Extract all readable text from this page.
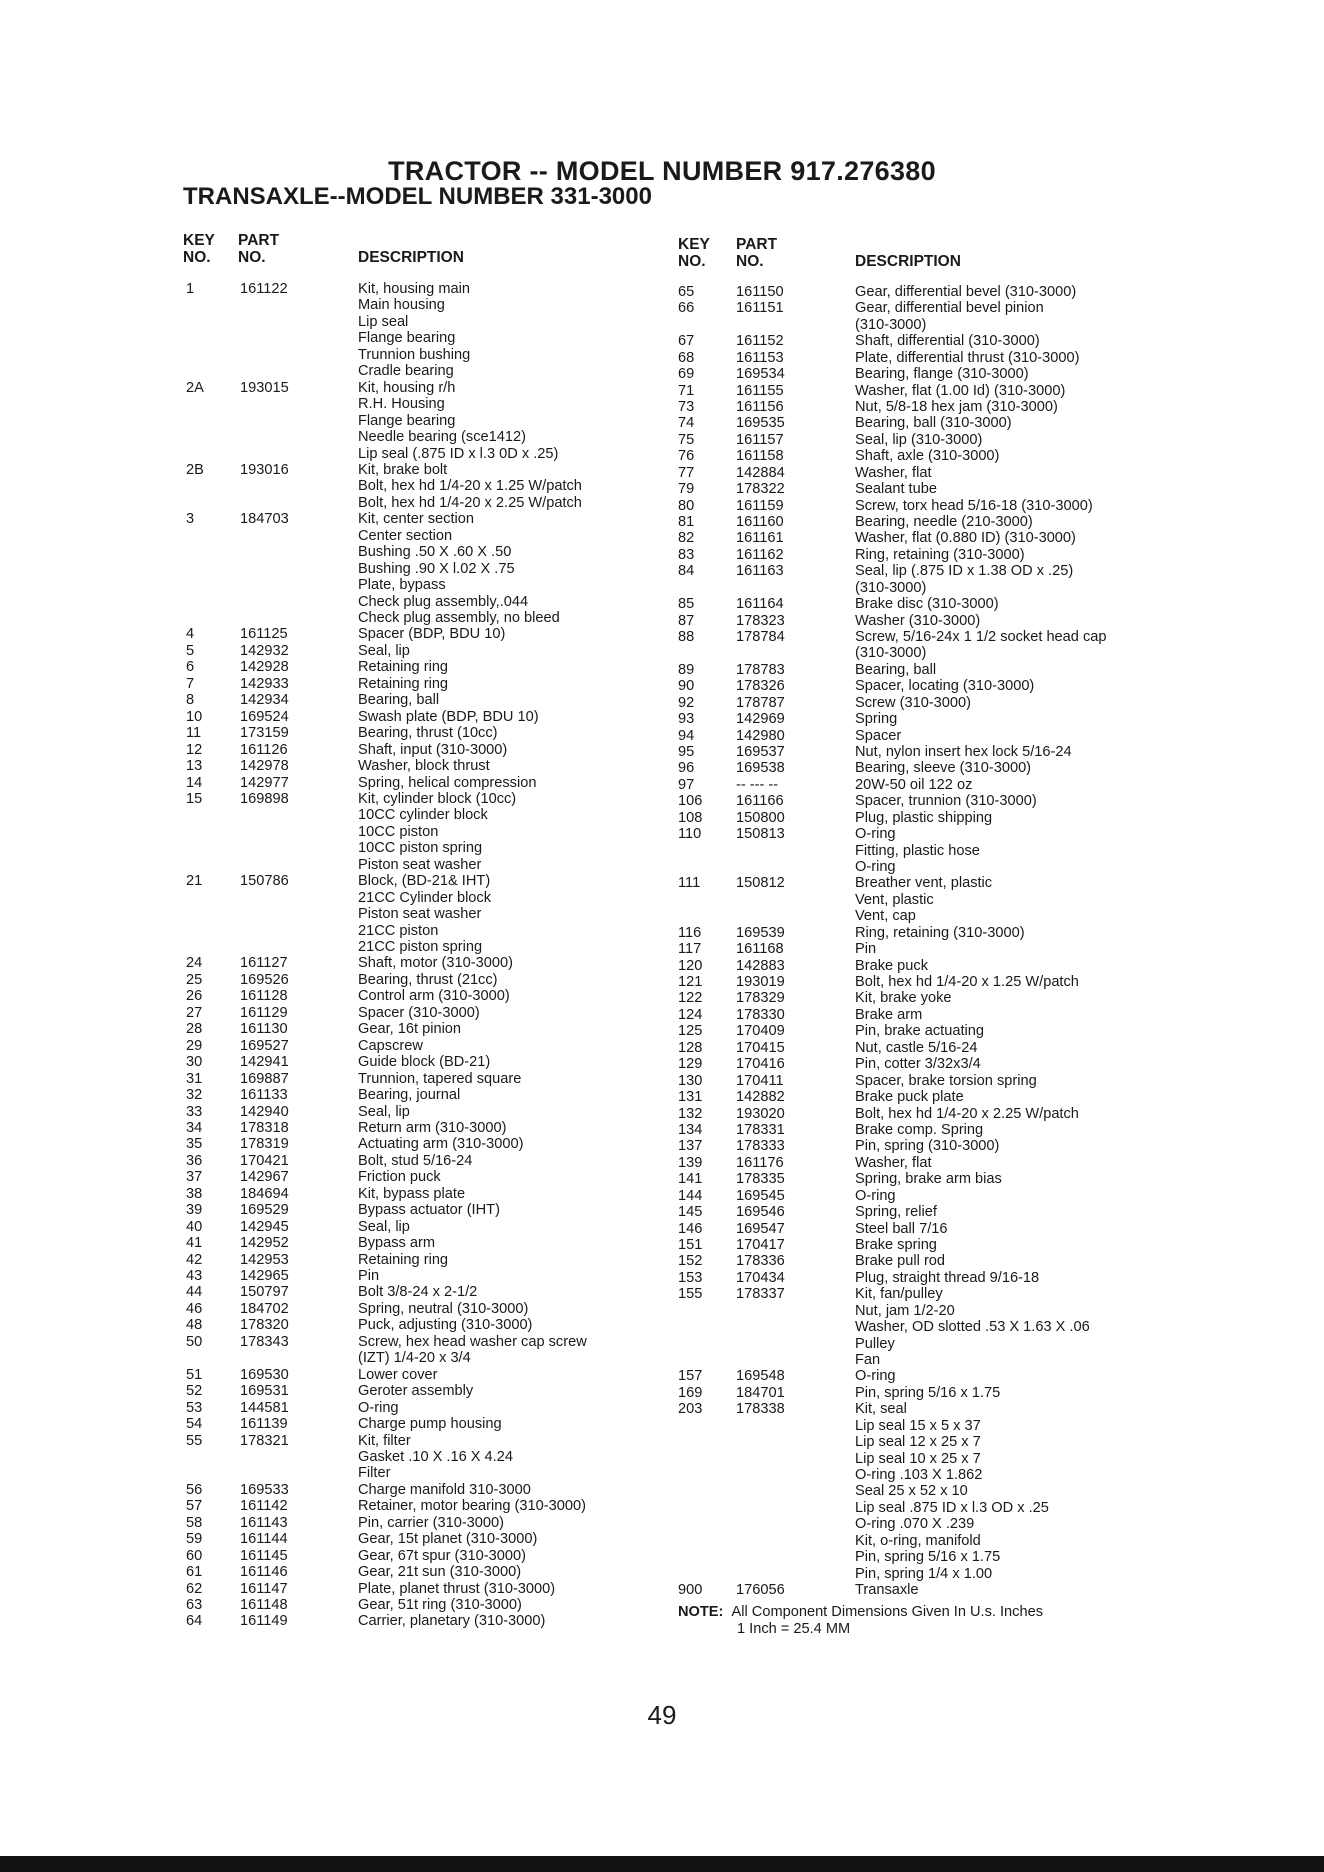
TRACTOR -- MODEL NUMBER 917.276380
TRANSAXLE--MODEL NUMBER 331-3000
KEY
NO.
PART
NO.	DESCRIPTION
1	161122	Kit, housing main
Main housing
Lip seal
Flange bearing
Trunnion bushing
Cradle bearing
2A 193015	Kit, housing r/h
R.H. Housing
Flange bearing
Needle bearing (sce1412)
Lip seal (.875 ID x l.3 0D x .25)
2B 193016	Kit, brake bolt
Bolt, hex hd 1/4-20 x 1.25 W/patch
Bolt, hex hd 1/4-20 x 2.25 W/patch
3	184703	Kit, center section
Center section
Bushing .50 X .60 X .50
Bushing .90 X l.02 X .75
Plate, bypass
Check plug assembly,.044
Check plug assembly, no bleed
4	161125	Spacer (BDP, BDU 10)
5	142932	Seal, lip
6	142928	Retaining ring
7	142933	Retaining ring
8	142934	Bearing, ball
10	169524	Swash plate (BDP, BDU 10)
11	173159	Bearing, thrust (10cc)
12	161126	Shaft, input (310-3000)
13	142978	Washer, block thrust
14	142977	Spring, helical compression
15	169898	Kit, cylinder block (10cc)
10CC cylinder block
10CC piston
10CC piston spring
Piston seat washer
21	150786	Block, (BD-21& IHT)
21CC Cylinder block
Piston seat washer
21CC piston
21CC piston spring
24	161127	Shaft, motor (310-3000)
25	169526	Bearing, thrust (21cc)
26	161128	Control arm (310-3000)
27	161129	Spacer (310-3000)
28	161130	Gear, 16t pinion
29	169527	Capscrew
30	142941	Guide block (BD-21)
31	169887	Trunnion, tapered square
32	161133	Bearing, journal
33	142940	Seal, lip
34	178318	Return arm (310-3000)
35	178319	Actuating arm (310-3000)
36	170421	Bolt, stud 5/16-24
37	142967	Friction puck
38	184694	Kit, bypass plate
39	169529	Bypass actuator (IHT)
40	142945	Seal, lip
41	142952	Bypass arm
42	142953	Retaining ring
43	142965	Pin
44	150797	Bolt 3/8-24 x 2-1/2
46	184702	Spring, neutral (310-3000)
48	178320	Puck, adjusting (310-3000)
50	178343	Screw, hex head washer cap screw
(IZT) 1/4-20 x 3/4
51	169530	Lower cover
52	169531	Geroter assembly
53	144581	O-ring
54	161139	Charge pump housing
55	178321	Kit, filter
Gasket .10 X .16 X 4.24
Filter
56	169533	Charge manifold 310-3000
57	161142	Retainer, motor bearing (310-3000)
58	161143	Pin, carrier (310-3000)
59	161144	Gear, 15t planet (310-3000)
60	161145	Gear, 67t spur (310-3000)
61	161146	Gear, 21t sun (310-3000)
62	161147	Plate, planet thrust (310-3000)
63	161148	Gear, 51t ring (310-3000)
64	161149	Carrier, planetary (310-3000)
KEY
NO.
PART
NO.	DESCRIPTION
65	161150	Gear, differential bevel (310-3000)
66	161151	Gear, differential bevel pinion
(310-3000)
67	161152	Shaft, differential (310-3000)
68	161153	Plate, differential thrust (310-3000)
69	169534	Bearing, flange (310-3000)
71	161155	Washer, flat (1.00 Id) (310-3000)
73	161156	Nut, 5/8-18 hex jam (310-3000)
74	169535	Bearing, ball (310-3000)
75	161157	Seal, lip (310-3000)
76	161158	Shaft, axle (310-3000)
77	142884	Washer, flat
79	178322	Sealant tube
80	161159	Screw, torx head 5/16-18 (310-3000)
81	161160	Bearing, needle (210-3000)
82	161161	Washer, flat (0.880 ID) (310-3000)
83	161162	Ring, retaining (310-3000)
84	161163	Seal, lip (.875 ID x 1.38 OD x .25)
(310-3000)
85	161164	Brake disc (310-3000)
87	178323	Washer (310-3000)
88	178784	Screw, 5/16-24x 1 1/2 socket head cap
(310-3000)
89	178783	Bearing, ball
90	178326	Spacer, locating (310-3000)
92	178787	Screw (310-3000)
93	142969	Spring
94	142980	Spacer
95	169537	Nut, nylon insert hex lock 5/16-24
96	169538	Bearing, sleeve (310-3000)
97	-- --- --	20W-50 oil 122 oz
106 161166	Spacer, trunnion (310-3000)
108 150800	Plug, plastic shipping
110 150813	O-ring
Fitting, plastic hose
O-ring
111 150812	Breather vent, plastic
Vent, plastic
Vent, cap
116 169539	Ring, retaining (310-3000)
117 161168	Pin
120 142883	Brake puck
121 193019	Bolt, hex hd 1/4-20 x 1.25 W/patch
122 178329	Kit, brake yoke
124 178330	Brake arm
125 170409	Pin, brake actuating
128 170415	Nut, castle 5/16-24
129 170416	Pin, cotter 3/32x3/4
130 170411	Spacer, brake torsion spring
131 142882	Brake puck plate
132 193020	Bolt, hex hd 1/4-20 x 2.25 W/patch
134 178331	Brake comp. Spring
137 178333	Pin, spring (310-3000)
139 161176	Washer, flat
141 178335	Spring, brake arm bias
144 169545	O-ring
145 169546	Spring, relief
146 169547	Steel ball 7/16
151 170417	Brake spring
152 178336	Brake pull rod
153 170434	Plug, straight thread 9/16-18
155 178337	Kit, fan/pulley
Nut, jam 1/2-20
Washer, OD slotted .53 X 1.63 X .06
Pulley
Fan
157 169548	O-ring
169 184701	Pin, spring 5/16 x 1.75
203 178338	Kit, seal
Lip seal 15 x 5 x 37
Lip seal 12 x 25 x 7
Lip seal 10 x 25 x 7
O-ring .103 X 1.862
Seal 25 x 52 x 10
Lip seal .875 ID x l.3 OD x .25
O-ring .070 X .239
Kit, o-ring, manifold
Pin, spring 5/16 x 1.75
Pin, spring 1/4 x 1.00
900 176056	Transaxle
NOTE: All Component Dimensions Given In U.s. Inches
1 Inch = 25.4 MM
49
